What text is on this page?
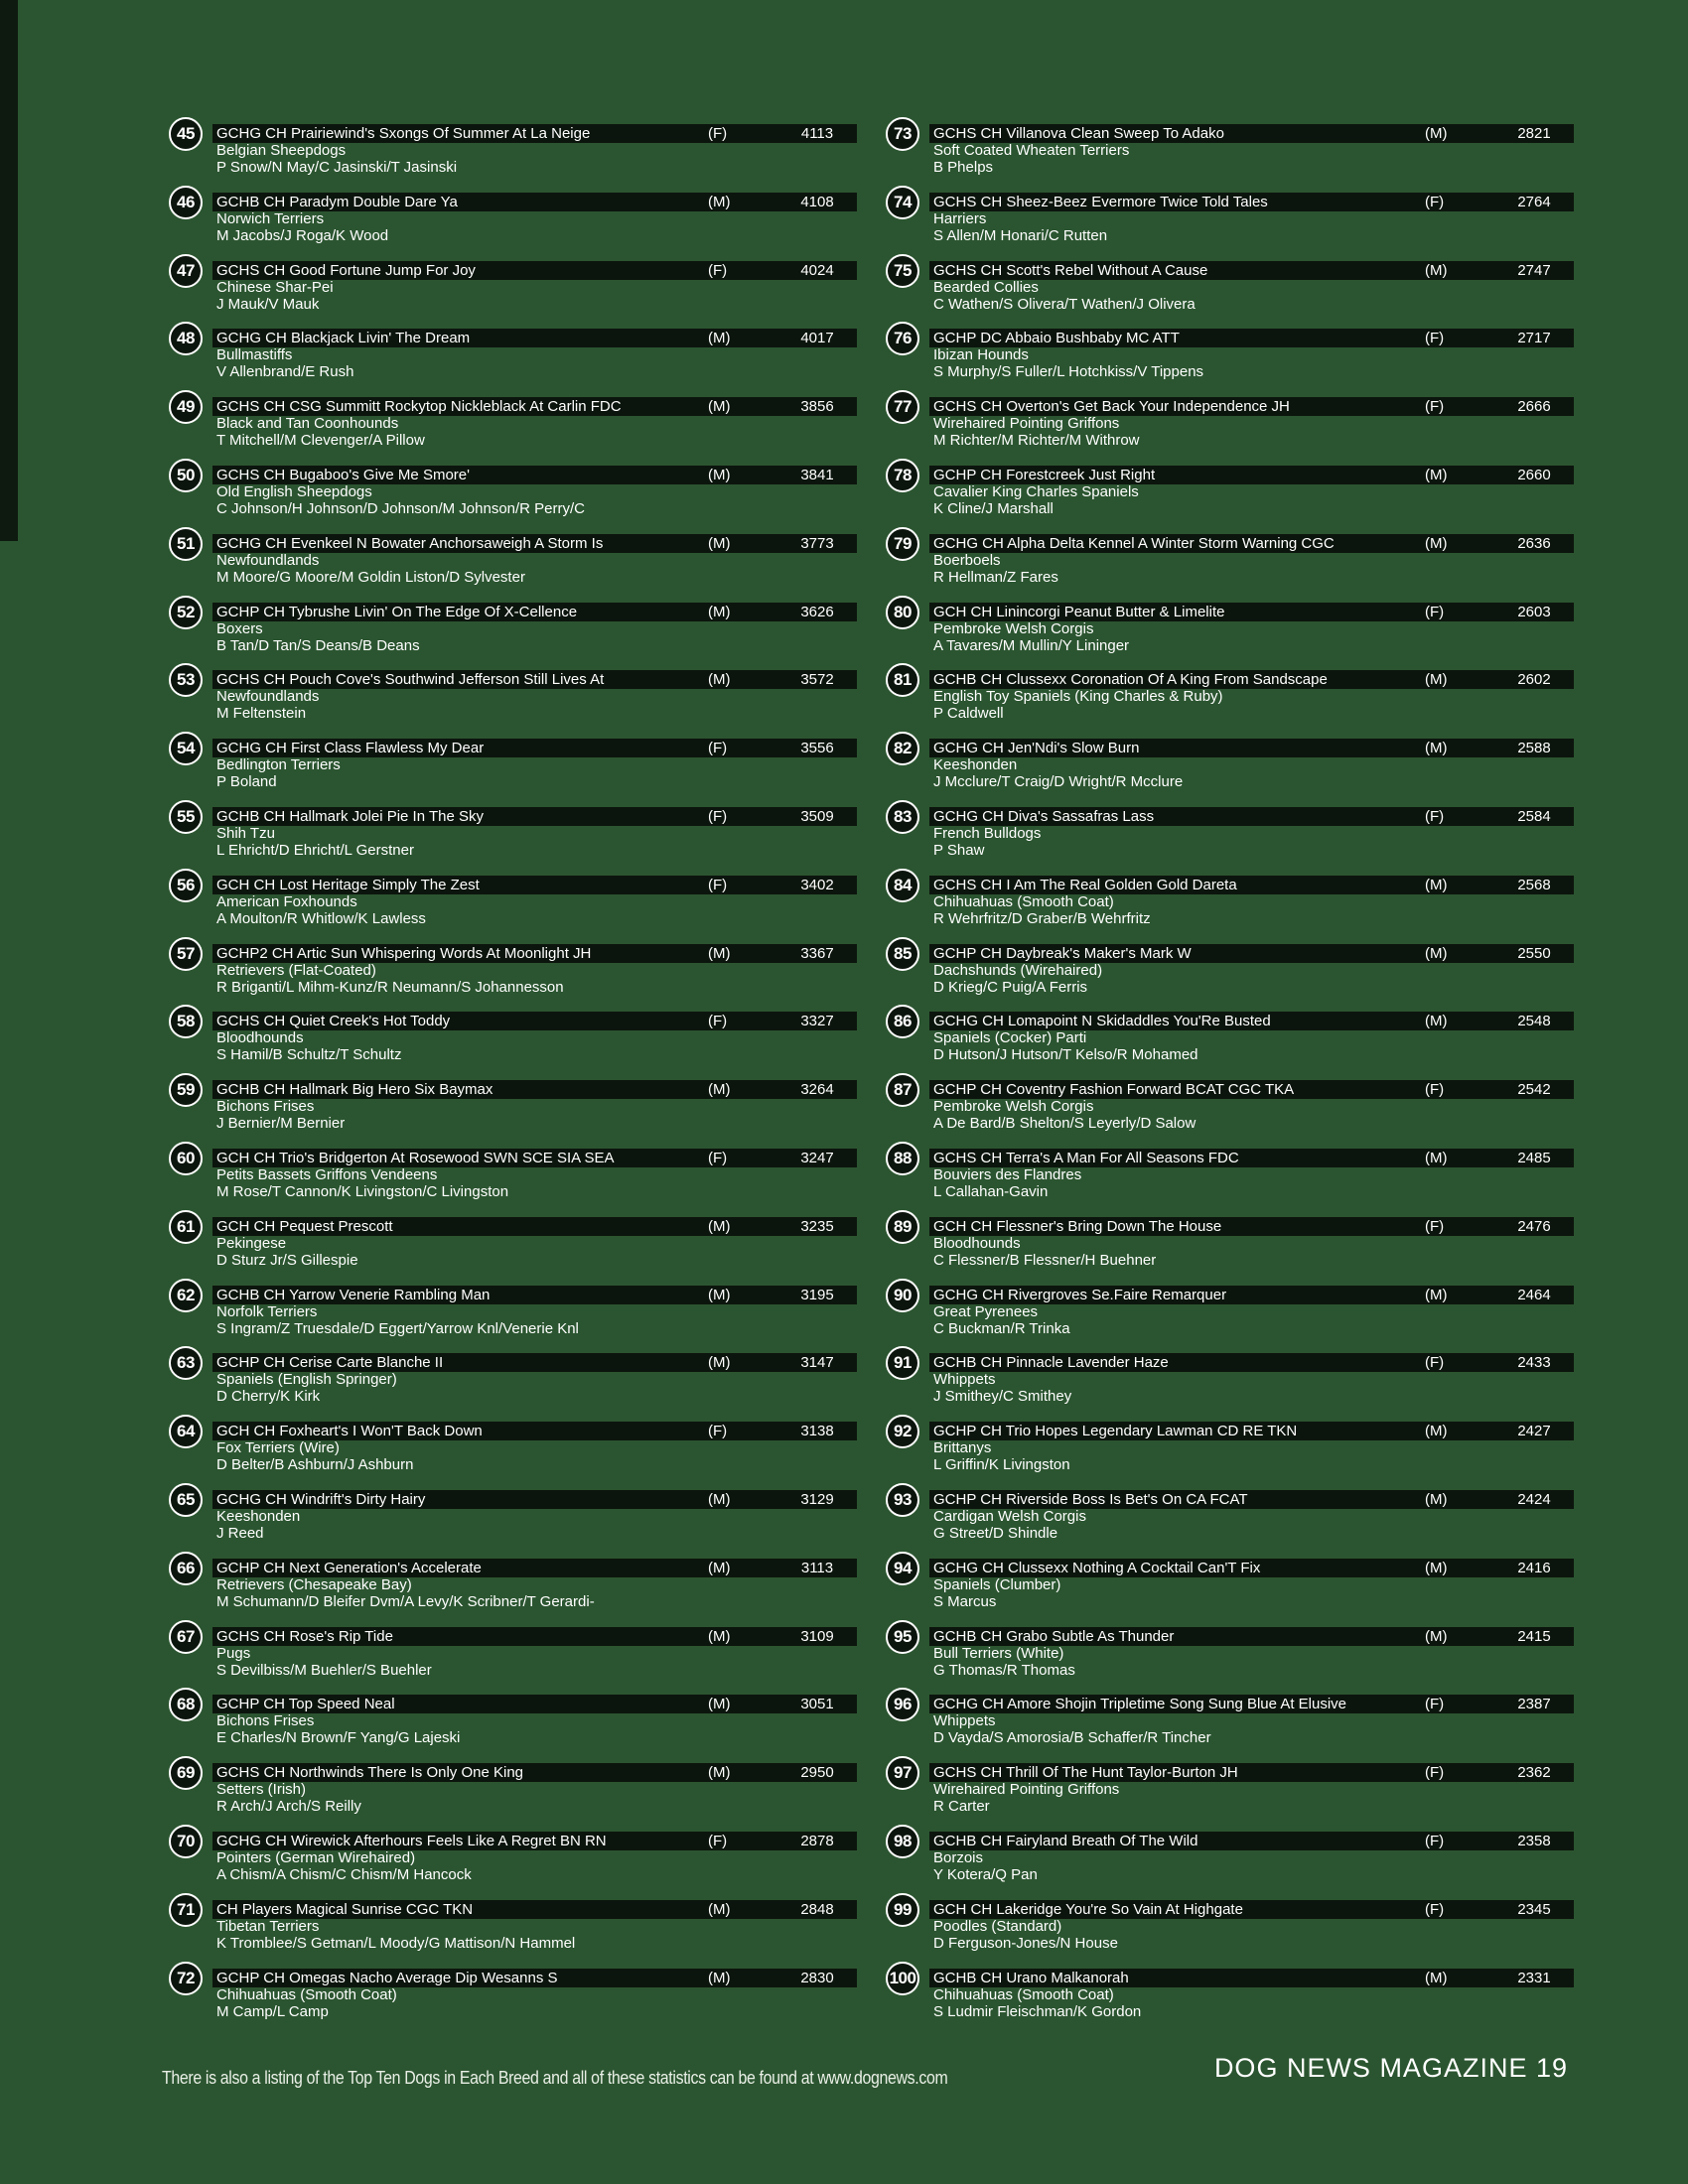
45	GCHG CH Prairiewind's Sxongs Of Summer At La Neige	(F)	4113
Belgian Sheepdogs
P Snow/N May/C Jasinski/T Jasinski
46	GCHB CH Paradym Double Dare Ya	(M)	4108
Norwich Terriers
M Jacobs/J Roga/K Wood
47	GCHS CH Good Fortune Jump For Joy	(F)	4024
Chinese Shar-Pei
J Mauk/V Mauk
48	GCHG CH Blackjack Livin' The Dream	(M)	4017
Bullmastiffs
V Allenbrand/E Rush
49	GCHS CH CSG Summitt Rockytop Nickleblack At Carlin FDC	(M)	3856
Black and Tan Coonhounds
T Mitchell/M Clevenger/A Pillow
50	GCHS CH Bugaboo's Give Me Smore'	(M)	3841
Old English Sheepdogs
C Johnson/H Johnson/D Johnson/M Johnson/R Perry/C
51	GCHG CH Evenkeel N Bowater Anchorsaweigh A Storm Is	(M)	3773
Newfoundlands
M Moore/G Moore/M Goldin Liston/D Sylvester
52	GCHP CH Tybrushe Livin' On The Edge Of X-Cellence	(M)	3626
Boxers
B Tan/D Tan/S Deans/B Deans
53	GCHS CH Pouch Cove's Southwind Jefferson Still Lives At	(M)	3572
Newfoundlands
M Feltenstein
54	GCHG CH First Class Flawless My Dear	(F)	3556
Bedlington Terriers
P Boland
55	GCHB CH Hallmark Jolei Pie In The Sky	(F)	3509
Shih Tzu
L Ehricht/D Ehricht/L Gerstner
56	GCH CH Lost Heritage Simply The Zest	(F)	3402
American Foxhounds
A Moulton/R Whitlow/K Lawless
57	GCHP2 CH Artic Sun Whispering Words At Moonlight JH	(M)	3367
Retrievers (Flat-Coated)
R Briganti/L Mihm-Kunz/R Neumann/S Johannesson
58	GCHS CH Quiet Creek's Hot Toddy	(F)	3327
Bloodhounds
S Hamil/B Schultz/T Schultz
59	GCHB CH Hallmark Big Hero Six Baymax	(M)	3264
Bichons Frises
J Bernier/M Bernier
60	GCH CH Trio's Bridgerton At Rosewood SWN SCE SIA SEA	(F)	3247
Petits Bassets Griffons Vendeens
M Rose/T Cannon/K Livingston/C Livingston
61	GCH CH Pequest Prescott	(M)	3235
Pekingese
D Sturz Jr/S Gillespie
62	GCHB CH Yarrow Venerie Rambling Man	(M)	3195
Norfolk Terriers
S Ingram/Z Truesdale/D Eggert/Yarrow Knl/Venerie Knl
63	GCHP CH Cerise Carte Blanche II	(M)	3147
Spaniels (English Springer)
D Cherry/K Kirk
64	GCH CH Foxheart's I Won'T Back Down	(F)	3138
Fox Terriers (Wire)
D Belter/B Ashburn/J Ashburn
65	GCHG CH Windrift's Dirty Hairy	(M)	3129
Keeshonden
J Reed
66	GCHP CH Next Generation's Accelerate	(M)	3113
Retrievers (Chesapeake Bay)
M Schumann/D Bleifer Dvm/A Levy/K Scribner/T Gerardi-
67	GCHS CH Rose's Rip Tide	(M)	3109
Pugs
S Devilbiss/M Buehler/S Buehler
68	GCHP CH Top Speed Neal	(M)	3051
Bichons Frises
E Charles/N Brown/F Yang/G Lajeski
69	GCHS CH Northwinds There Is Only One King	(M)	2950
Setters (Irish)
R Arch/J Arch/S Reilly
70	GCHG CH Wirewick Afterhours Feels Like A Regret BN RN	(F)	2878
Pointers (German Wirehaired)
A Chism/A Chism/C Chism/M Hancock
71	CH Players Magical Sunrise CGC TKN	(M)	2848
Tibetan Terriers
K Tromblee/S Getman/L Moody/G Mattison/N Hammel
72	GCHP CH Omegas Nacho Average Dip Wesanns S	(M)	2830
Chihuahuas (Smooth Coat)
M Camp/L Camp
73	GCHS CH Villanova Clean Sweep To Adako	(M)	2821
Soft Coated Wheaten Terriers
B Phelps
74	GCHS CH Sheez-Beez Evermore Twice Told Tales	(F)	2764
Harriers
S Allen/M Honari/C Rutten
75	GCHS CH Scott's Rebel Without A Cause	(M)	2747
Bearded Collies
C Wathen/S Olivera/T Wathen/J Olivera
76	GCHP DC Abbaio Bushbaby MC ATT	(F)	2717
Ibizan Hounds
S Murphy/S Fuller/L Hotchkiss/V Tippens
77	GCHS CH Overton's Get Back Your Independence JH	(F)	2666
Wirehaired Pointing Griffons
M Richter/M Richter/M Withrow
78	GCHP CH Forestcreek Just Right	(M)	2660
Cavalier King Charles Spaniels
K Cline/J Marshall
79	GCHG CH Alpha Delta Kennel A Winter Storm Warning CGC	(M)	2636
Boerboels
R Hellman/Z Fares
80	GCH CH Linincorgi Peanut Butter & Limelite	(F)	2603
Pembroke Welsh Corgis
A Tavares/M Mullin/Y Lininger
81	GCHB CH Clussexx Coronation Of A King From Sandscape	(M)	2602
English Toy Spaniels (King Charles & Ruby)
P Caldwell
82	GCHG CH Jen'Ndi's Slow Burn	(M)	2588
Keeshonden
J Mcclure/T Craig/D Wright/R Mcclure
83	GCHG CH Diva's Sassafras Lass	(F)	2584
French Bulldogs
P Shaw
84	GCHS CH I Am The Real Golden Gold Dareta	(M)	2568
Chihuahuas (Smooth Coat)
R Wehrfritz/D Graber/B Wehrfritz
85	GCHP CH Daybreak's Maker's Mark W	(M)	2550
Dachshunds (Wirehaired)
D Krieg/C Puig/A Ferris
86	GCHG CH Lomapoint N Skidaddles You'Re Busted	(M)	2548
Spaniels (Cocker) Parti
D Hutson/J Hutson/T Kelso/R Mohamed
87	GCHP CH Coventry Fashion Forward BCAT CGC TKA	(F)	2542
Pembroke Welsh Corgis
A De Bard/B Shelton/S Leyerly/D Salow
88	GCHS CH Terra's A Man For All Seasons FDC	(M)	2485
Bouviers des Flandres
L Callahan-Gavin
89	GCH CH Flessner's Bring Down The House	(F)	2476
Bloodhounds
C Flessner/B Flessner/H Buehner
90	GCHG CH Rivergroves Se.Faire Remarquer	(M)	2464
Great Pyrenees
C Buckman/R Trinka
91	GCHB CH Pinnacle Lavender Haze	(F)	2433
Whippets
J Smithey/C Smithey
92	GCHP CH Trio Hopes Legendary Lawman CD RE TKN	(M)	2427
Brittanys
L Griffin/K Livingston
93	GCHP CH Riverside Boss Is Bet's On CA FCAT	(M)	2424
Cardigan Welsh Corgis
G Street/D Shindle
94	GCHG CH Clussexx Nothing A Cocktail Can'T Fix	(M)	2416
Spaniels (Clumber)
S Marcus
95	GCHB CH Grabo Subtle As Thunder	(M)	2415
Bull Terriers (White)
G Thomas/R Thomas
96	GCHG CH Amore Shojin Tripletime Song Sung Blue At Elusive	(F)	2387
Whippets
D Vayda/S Amorosia/B Schaffer/R Tincher
97	GCHS CH Thrill Of The Hunt Taylor-Burton JH	(F)	2362
Wirehaired Pointing Griffons
R Carter
98	GCHB CH Fairyland Breath Of The Wild	(F)	2358
Borzois
Y Kotera/Q Pan
99	GCH CH Lakeridge You're So Vain At Highgate	(F)	2345
Poodles (Standard)
D Ferguson-Jones/N House
100 GCHB CH Urano Malkanorah	(M)	2331
Chihuahuas (Smooth Coat)
S Ludmir Fleischman/K Gordon
There is also a listing of the Top Ten Dogs in Each Breed and all of these statistics can be found at www.dognews.com	DOG NEWS MAGAZINE 19
